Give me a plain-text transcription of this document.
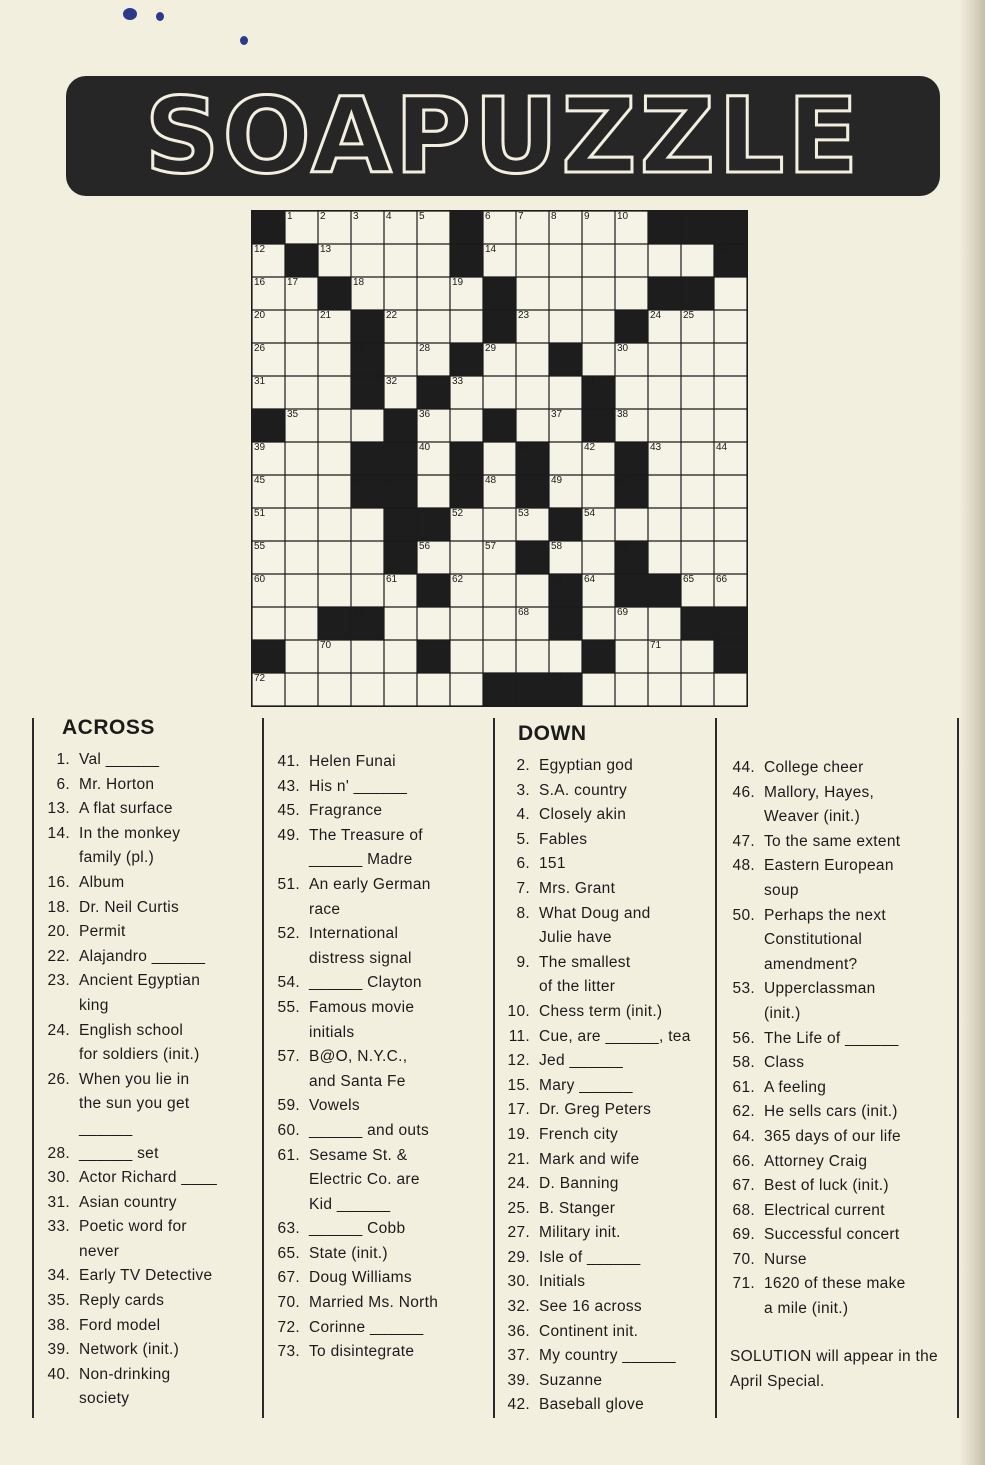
SOAPUZZLE
1	2	3	4	5	6	7	8	9	10 11
12	13	14	15
16 17	18	19
20	21	22	23	24 25
26	27	28	29	30
31	32	33	34
35	36	37	38
39	40	41	42	43	44
45	46 47	48	49	50
51	52	53	54
55	56	57	58	59
60	61	62	63 64	65 66
67	68	69
70	71
72	73
ACROSS
1. Val ______
6. Mr. Horton
13. A flat surface
14. In the monkey
family (pl.)
16. Album
18. Dr. Neil Curtis
20. Permit
22. Alajandro ______
23. Ancient Egyptian
king
24. English school
for soldiers (init.)
26. When you lie in
the sun you get
______
28. ______ set
30. Actor Richard ____
31. Asian country
33. Poetic word for
never
34. Early TV Detective
35. Reply cards
38. Ford model
39. Network (init.)
40. Non-drinking
society
41. Helen Funai
43. His n' ______
45. Fragrance
49. The Treasure of
______ Madre
51. An early German
race
52. International
distress signal
54. ______ Clayton
55. Famous movie
initials
57. B@O, N.Y.C.,
and Santa Fe
59. Vowels
60. ______ and outs
61. Sesame St. &
Electric Co. are
Kid ______
63. ______ Cobb
65. State (init.)
67. Doug Williams
70. Married Ms. North
72. Corinne ______
73. To disintegrate
DOWN
2. Egyptian god
3. S.A. country
4. Closely akin
5. Fables
6. 151
7. Mrs. Grant
8. What Doug and
Julie have
9. The smallest
of the litter
10. Chess term (init.)
11. Cue, are ______, tea
12. Jed ______
15. Mary ______
17. Dr. Greg Peters
19. French city
21. Mark and wife
24. D. Banning
25. B. Stanger
27. Military init.
29. Isle of ______
30. Initials
32. See 16 across
36. Continent init.
37. My country ______
39. Suzanne
42. Baseball glove
44. College cheer
46. Mallory, Hayes,
Weaver (init.)
47. To the same extent
48. Eastern European
soup
50. Perhaps the next
Constitutional
amendment?
53. Upperclassman
(init.)
56. The Life of ______
58. Class
61. A feeling
62. He sells cars (init.)
64. 365 days of our life
66. Attorney Craig
67. Best of luck (init.)
68. Electrical current
69. Successful concert
70. Nurse
71. 1620 of these make
a mile (init.)
SOLUTION will appear in the April Special.
